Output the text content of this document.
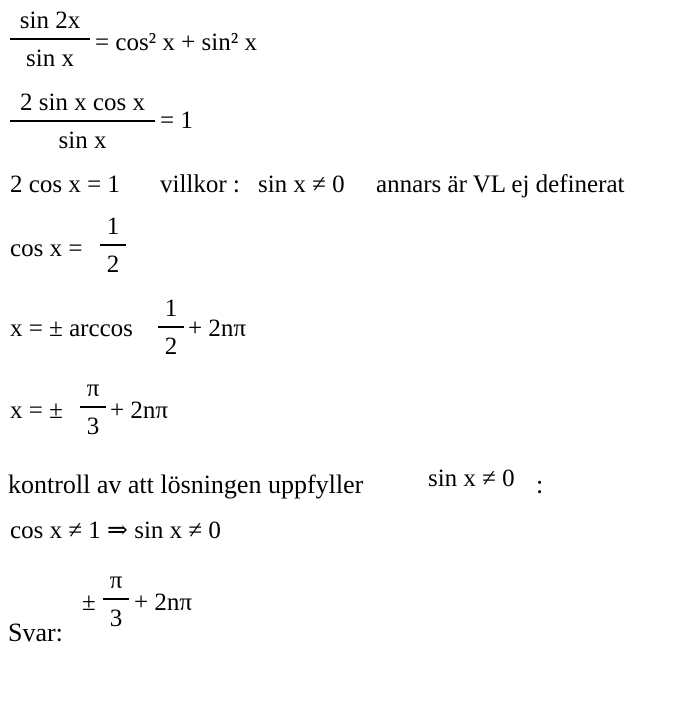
sin 2x
sin x
= cos² x + sin² x
2 sin x cos x
sin x
= 1
2 cos x = 1 villkor : sin x ≠ 0 annars är VL ej definerat
cos x =
1
2
x = ± arccos
1
2
+ 2nπ
x = ±
π
3
+ 2nπ
kontroll av att lösningen uppfyller	sin x ≠ 0 :
cos x ≠ 1 ⇒ sin x ≠ 0
Svar:
±
π
3
+ 2nπ
